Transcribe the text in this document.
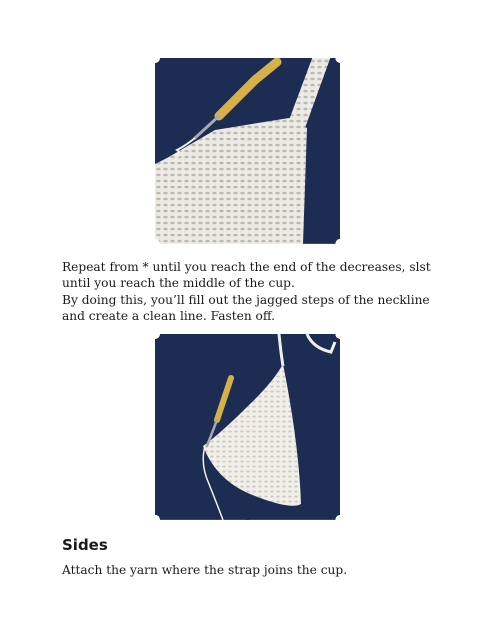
Repeat from * until you reach the end of the decreases, slst until you reach the middle of the cup.

By doing this, you’ll fill out the jagged steps of the neckline and create a clean line. Fasten off.

Sides

Attach the yarn where the strap joins the cup.
